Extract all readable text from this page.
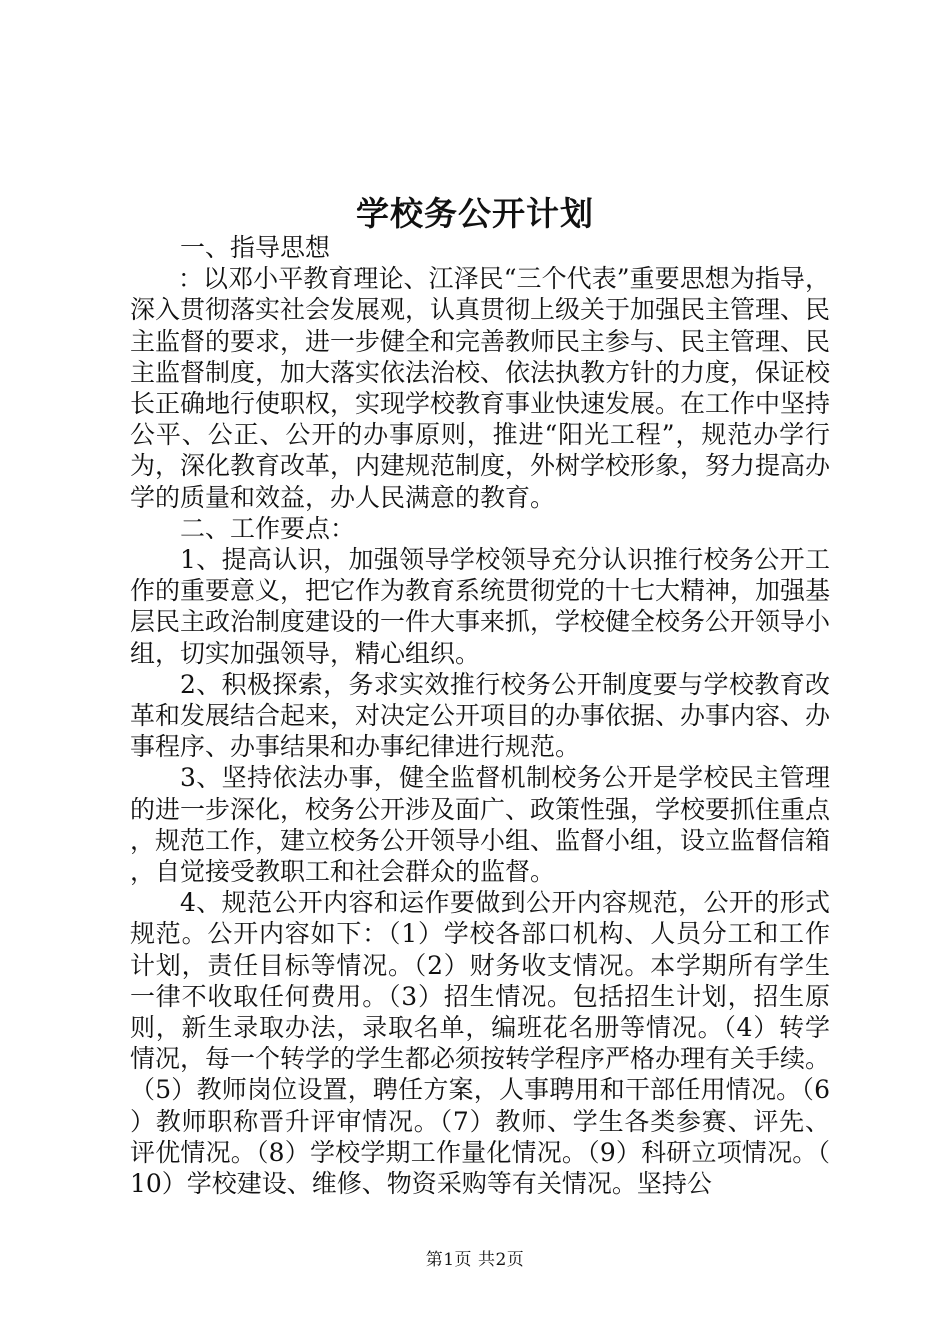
学校务公开计划

一、指导思想

：以邓小平教育理论、江泽民“三个代表”重要思想为指导，深入贯彻落实社会发展观，认真贯彻上级关于加强民主管理、民主监督的要求，进一步健全和完善教师民主参与、民主管理、民主监督制度，加大落实依法治校、依法执教方针的力度，保证校长正确地行使职权，实现学校教育事业快速发展。在工作中坚持公平、公正、公开的办事原则，推进“阳光工程”，规范办学行为，深化教育改革，内建规范制度，外树学校形象，努力提高办学的质量和效益，办人民满意的教育。

二、工作要点：

1、提高认识，加强领导学校领导充分认识推行校务公开工作的重要意义，把它作为教育系统贯彻党的十七大精神，加强基层民主政治制度建设的一件大事来抓，学校健全校务公开领导小组，切实加强领导，精心组织。

2、积极探索，务求实效推行校务公开制度要与学校教育改革和发展结合起来，对决定公开项目的办事依据、办事内容、办事程序、办事结果和办事纪律进行规范。

3、坚持依法办事，健全监督机制校务公开是学校民主管理的进一步深化，校务公开涉及面广、政策性强，学校要抓住重点，规范工作，建立校务公开领导小组、监督小组，设立监督信箱，自觉接受教职工和社会群众的监督。

4、规范公开内容和运作要做到公开内容规范，公开的形式规范。公开内容如下：（1）学校各部口机构、人员分工和工作计划，责任目标等情况。（2）财务收支情况。本学期所有学生一律不收取任何费用。（3）招生情况。包括招生计划，招生原则，新生录取办法，录取名单，编班花名册等情况。（4）转学情况，每一个转学的学生都必须按转学程序严格办理有关手续。（5）教师岗位设置，聘任方案，人事聘用和干部任用情况。（6）教师职称晋升评审情况。（7）教师、学生各类参赛、评先、评优情况。（8）学校学期工作量化情况。（9）科研立项情况。（10）学校建设、维修、物资采购等有关情况。坚持公

第1页 共2页
